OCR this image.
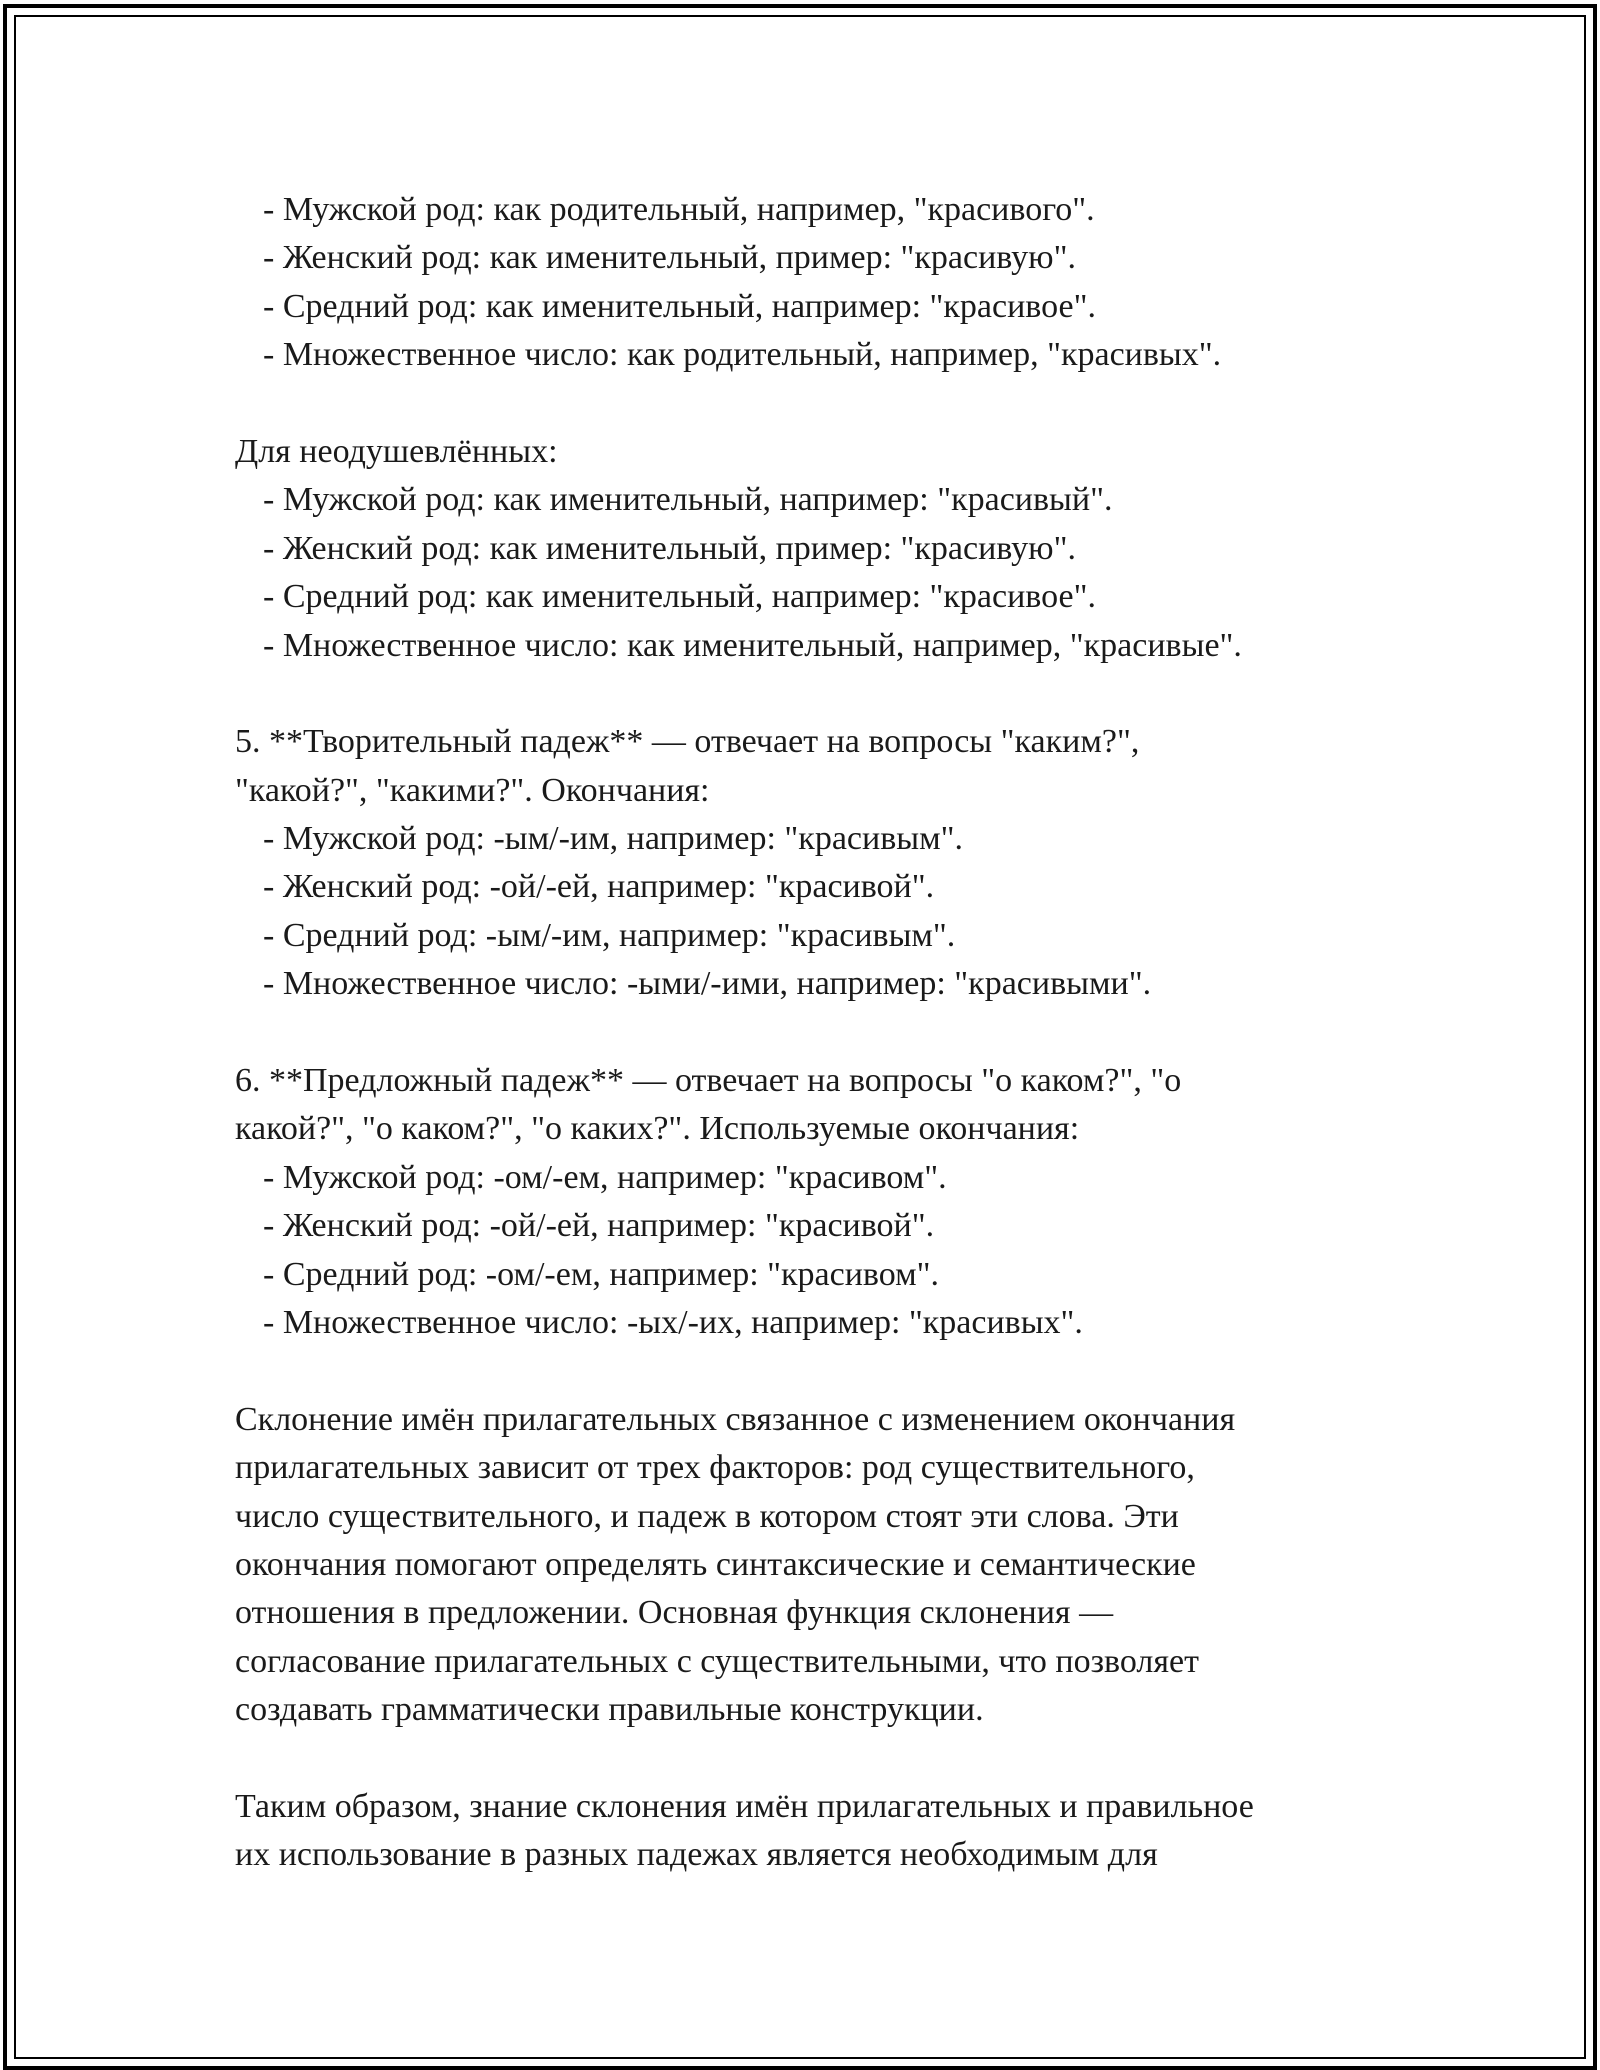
- Мужской род: как родительный, например, "красивого".
- Женский род: как именительный, пример: "красивую".
- Средний род: как именительный, например: "красивое".
- Множественное число: как родительный, например, "красивых".
Для неодушевлённых:
- Мужской род: как именительный, например: "красивый".
- Женский род: как именительный, пример: "красивую".
- Средний род: как именительный, например: "красивое".
- Множественное число: как именительный, например, "красивые".
5. **Творительный падеж** — отвечает на вопросы "каким?",
"какой?", "какими?". Окончания:
- Мужской род: -ым/-им, например: "красивым".
- Женский род: -ой/-ей, например: "красивой".
- Средний род: -ым/-им, например: "красивым".
- Множественное число: -ыми/-ими, например: "красивыми".
6. **Предложный падеж** — отвечает на вопросы "о каком?", "о
какой?", "о каком?", "о каких?". Используемые окончания:
- Мужской род: -ом/-ем, например: "красивом".
- Женский род: -ой/-ей, например: "красивой".
- Средний род: -ом/-ем, например: "красивом".
- Множественное число: -ых/-их, например: "красивых".
Склонение имён прилагательных связанное с изменением окончания
прилагательных зависит от трех факторов: род существительного,
число существительного, и падеж в котором стоят эти слова. Эти
окончания помогают определять синтаксические и семантические
отношения в предложении. Основная функция склонения —
согласование прилагательных с существительными, что позволяет
создавать грамматически правильные конструкции.
Таким образом, знание склонения имён прилагательных и правильное
их использование в разных падежах является необходимым для
